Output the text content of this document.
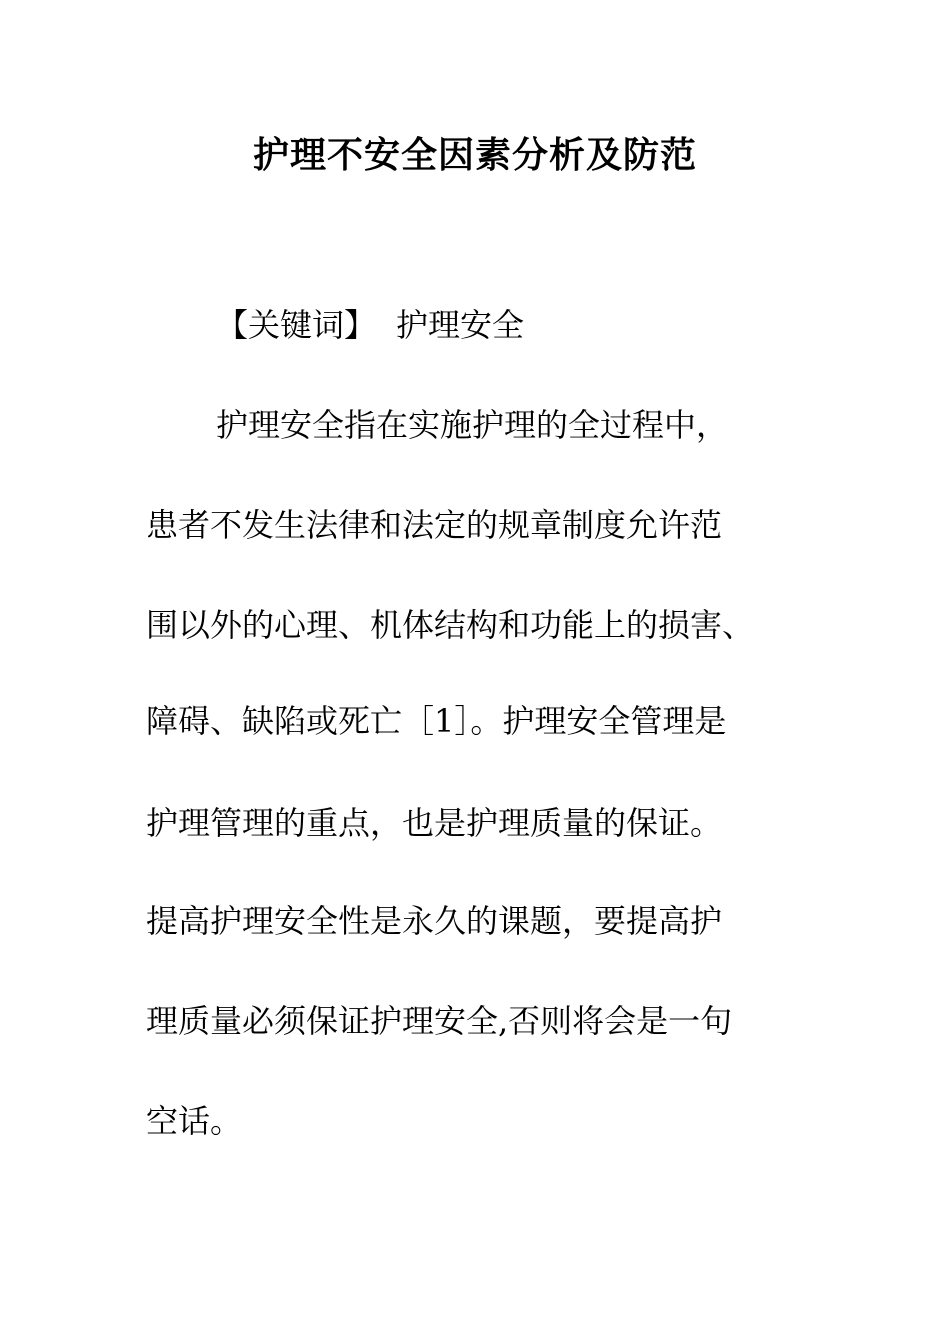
护理不安全因素分析及防范
【关键词】 护理安全

护理安全指在实施护理的全过程中，

患者不发生法律和法定的规章制度允许范

围以外的心理、机体结构和功能上的损害、

障碍、缺陷或死亡［1］。护理安全管理是

护理管理的重点，也是护理质量的保证。

提高护理安全性是永久的课题，要提高护

理质量必须保证护理安全,否则将会是一句

空话。
